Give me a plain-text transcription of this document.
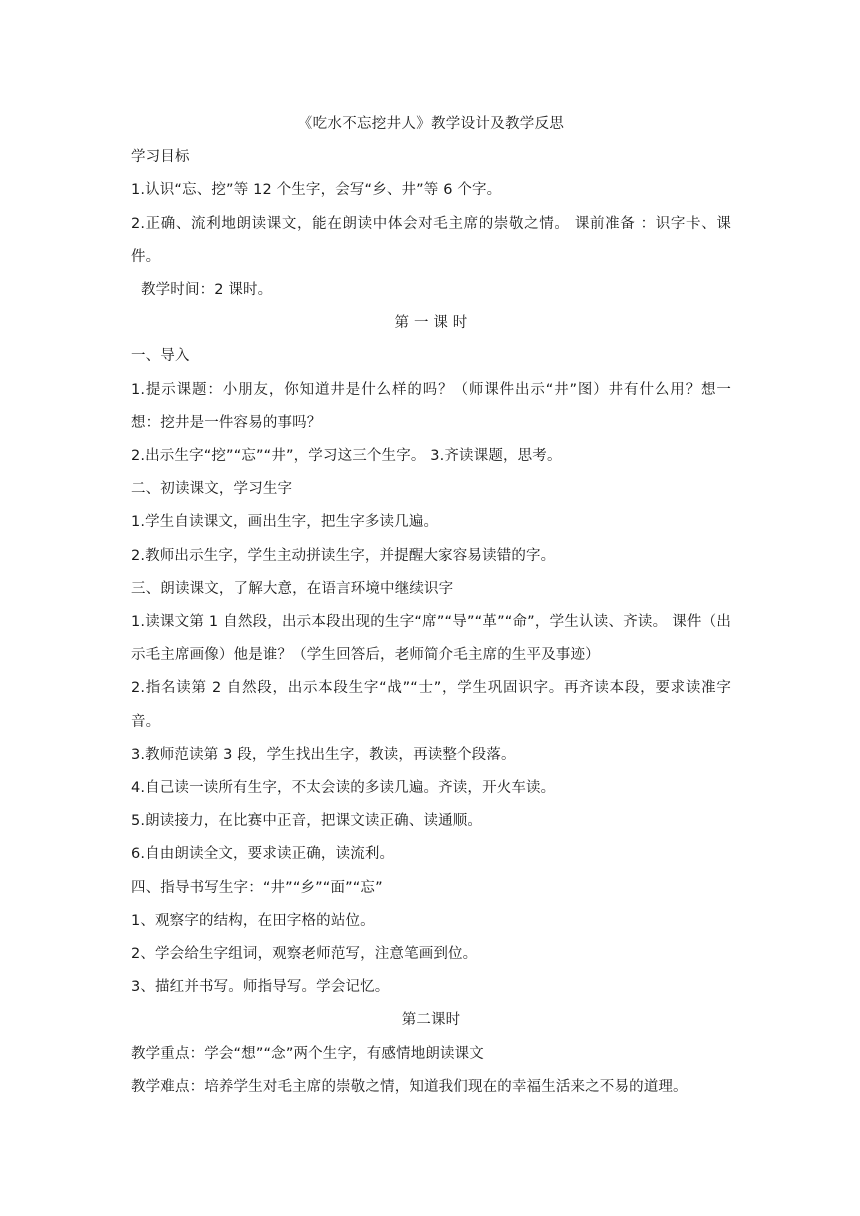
《吃水不忘挖井人》教学设计及教学反思

学习目标

1.认识“忘、挖”等 12 个生字，会写“乡、井”等 6 个字。

2.正确、流利地朗读课文，能在朗读中体会对毛主席的崇敬之情。 课前准备 ：识字卡、课件。

教学时间：2 课时。

第 一 课 时

一、导入

1.提示课题：小朋友，你知道井是什么样的吗？（师课件出示“井”图）井有什么用？想一想：挖井是一件容易的事吗？

2.出示生字“挖”“忘”“井”，学习这三个生字。 3.齐读课题，思考。

二、初读课文，学习生字

1.学生自读课文，画出生字，把生字多读几遍。

2.教师出示生字，学生主动拼读生字，并提醒大家容易读错的字。

三、朗读课文，了解大意，在语言环境中继续识字

1.读课文第 1 自然段，出示本段出现的生字“席”“导”“革”“命”，学生认读、齐读。 课件（出示毛主席画像）他是谁？（学生回答后，老师简介毛主席的生平及事迹）

2.指名读第 2 自然段，出示本段生字“战”“士”，学生巩固识字。再齐读本段，要求读准字音。

3.教师范读第 3 段，学生找出生字，教读，再读整个段落。

4.自己读一读所有生字，不太会读的多读几遍。齐读，开火车读。

5.朗读接力，在比赛中正音，把课文读正确、读通顺。

6.自由朗读全文，要求读正确，读流利。

四、指导书写生字：“井”“乡”“面”“忘”

1、观察字的结构，在田字格的站位。

2、学会给生字组词，观察老师范写，注意笔画到位。

3、描红并书写。师指导写。学会记忆。

第二课时

教学重点：学会“想”“念”两个生字，有感情地朗读课文

教学难点：培养学生对毛主席的崇敬之情，知道我们现在的幸福生活来之不易的道理。
